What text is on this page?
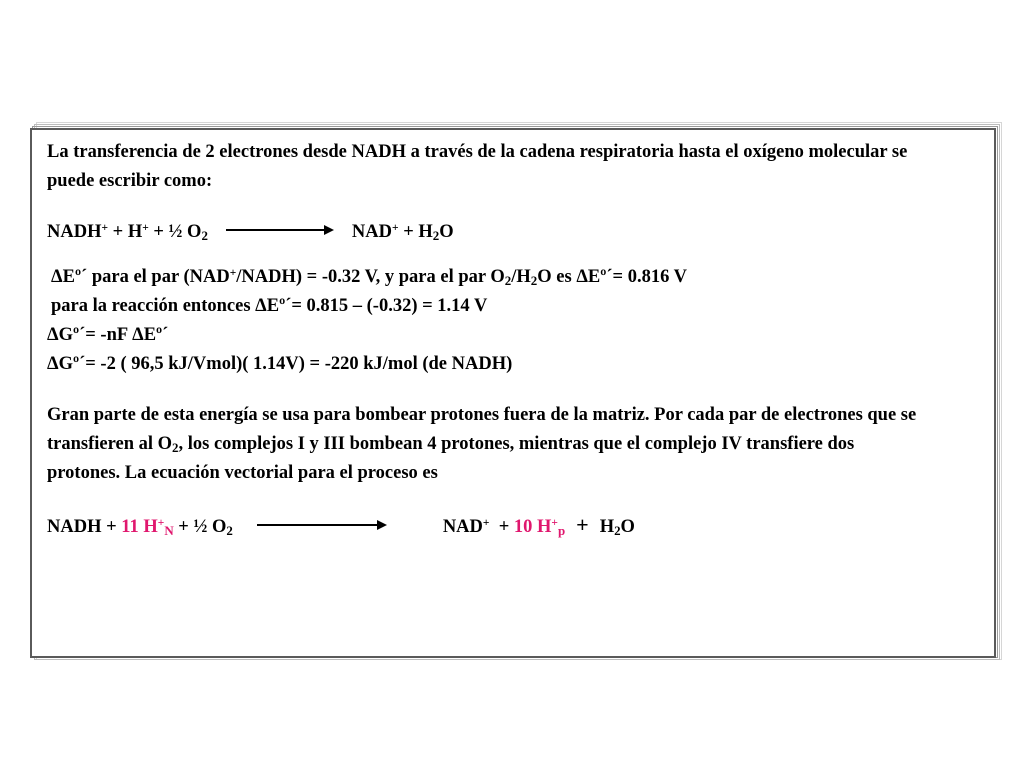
La transferencia de 2 electrones desde NADH a través de la cadena respiratoria hasta el oxígeno molecular se
puede escribir como:
NADH+ + H+ + ½ $O_2$	$NAD^+ + H_2O$
ΔEº´ para el par (NAD+/NADH) = -0.32 V, y para el par $O_2/H_2O$ es ΔEº´= 0.816 V
para la reacción entonces ΔEº´= 0.815 – (-0.32) = 1.14 V
ΔGº´= -nF ΔEº´
ΔGº´= -2 ( 96,5 kJ/Vmol)( 1.14V) = -220 kJ/mol (de NADH)
Gran parte de esta energía se usa para bombear protones fuera de la matriz. Por cada par de electrones que se
transfieren al $O_2$, los complejos I y III bombean 4 protones, mientras que el complejo IV transfiere dos
protones. La ecuación vectorial para el proceso es
NADH + 11 $H^+_N$ + ½ $O_2$	NAD+  + 10 $H^+_p + H_2O$
